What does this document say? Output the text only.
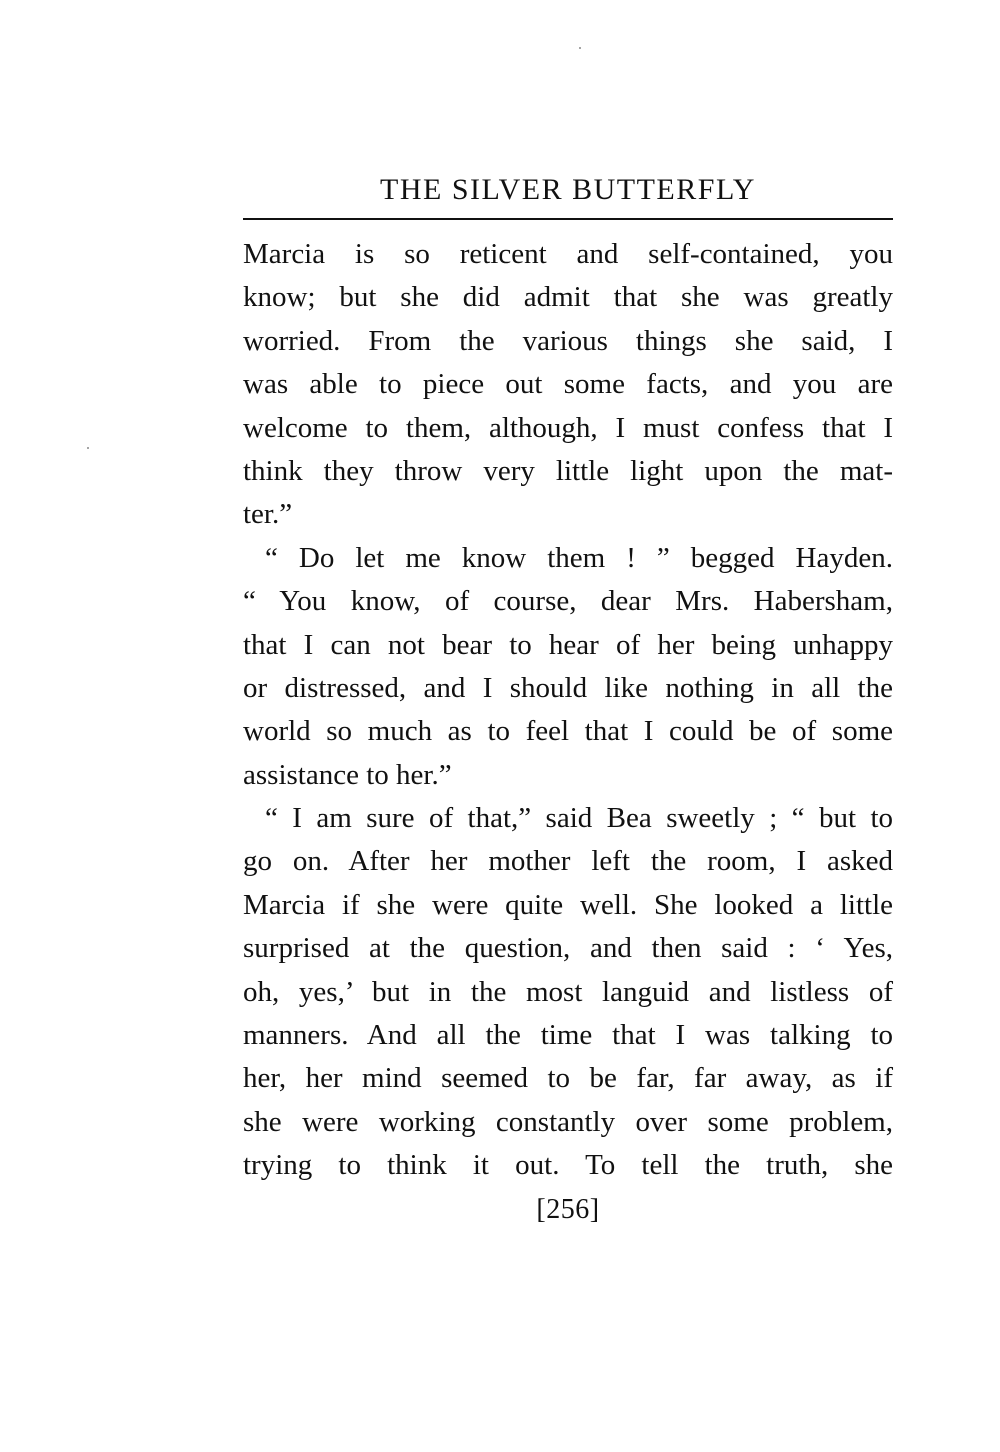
THE SILVER BUTTERFLY
Marcia is so reticent and self-contained, you
know; but she did admit that she was greatly
worried. From the various things she said, I
was able to piece out some facts, and you are
welcome to them, although, I must confess that I
think they throw very little light upon the mat-
ter.”
“ Do let me know them ! ” begged Hayden.
“ You know, of course, dear Mrs. Habersham,
that I can not bear to hear of her being unhappy
or distressed, and I should like nothing in all the
world so much as to feel that I could be of some
assistance to her.”
“ I am sure of that,” said Bea sweetly ; “ but to
go on. After her mother left the room, I asked
Marcia if she were quite well. She looked a little
surprised at the question, and then said : ‘ Yes,
oh, yes,’ but in the most languid and listless of
manners. And all the time that I was talking to
her, her mind seemed to be far, far away, as if
she were working constantly over some problem,
trying to think it out. To tell the truth, she
[256]
